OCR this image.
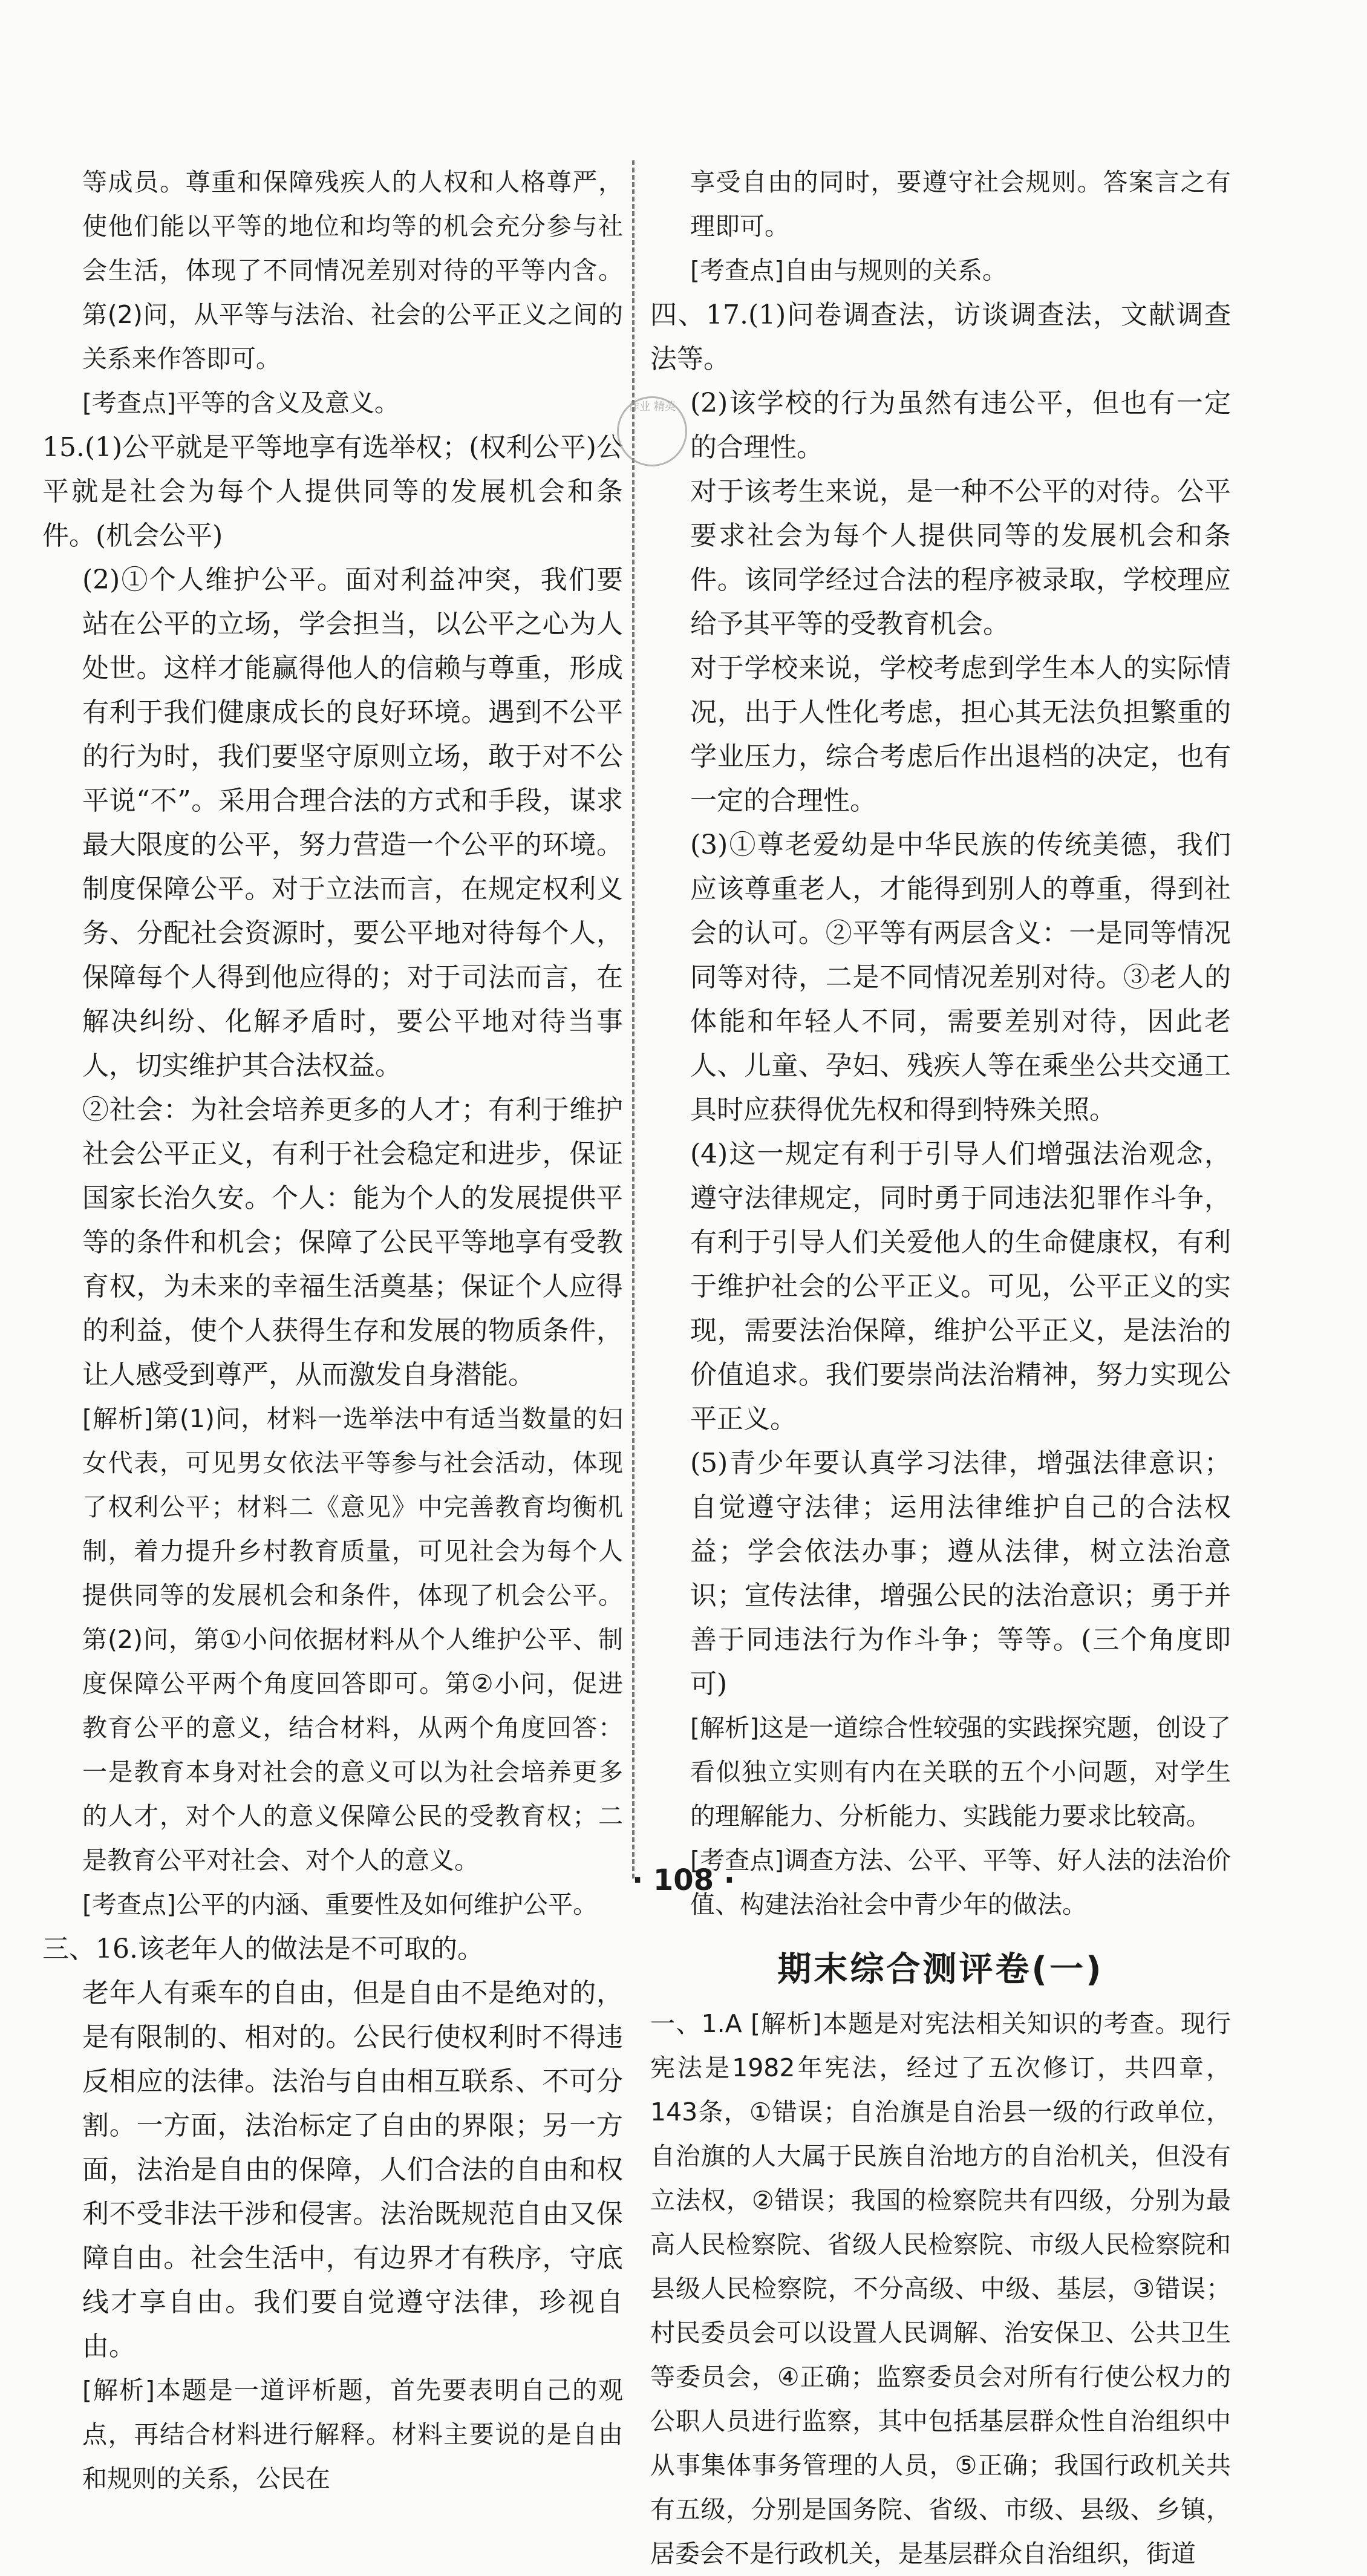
等成员。尊重和保障残疾人的人权和人格尊严，使他们能以平等的地位和均等的机会充分参与社会生活，体现了不同情况差别对待的平等内含。第(2)问，从平等与法治、社会的公平正义之间的关系来作答即可。

[考查点]平等的含义及意义。

15.(1)公平就是平等地享有选举权；(权利公平)公平就是社会为每个人提供同等的发展机会和条件。(机会公平)

(2)①个人维护公平。面对利益冲突，我们要站在公平的立场，学会担当，以公平之心为人处世。这样才能赢得他人的信赖与尊重，形成有利于我们健康成长的良好环境。遇到不公平的行为时，我们要坚守原则立场，敢于对不公平说“不”。采用合理合法的方式和手段，谋求最大限度的公平，努力营造一个公平的环境。制度保障公平。对于立法而言，在规定权利义务、分配社会资源时，要公平地对待每个人，保障每个人得到他应得的；对于司法而言，在解决纠纷、化解矛盾时，要公平地对待当事人，切实维护其合法权益。

②社会：为社会培养更多的人才；有利于维护社会公平正义，有利于社会稳定和进步，保证国家长治久安。个人：能为个人的发展提供平等的条件和机会；保障了公民平等地享有受教育权，为未来的幸福生活奠基；保证个人应得的利益，使个人获得生存和发展的物质条件，让人感受到尊严，从而激发自身潜能。

[解析]第(1)问，材料一选举法中有适当数量的妇女代表，可见男女依法平等参与社会活动，体现了权利公平；材料二《意见》中完善教育均衡机制，着力提升乡村教育质量，可见社会为每个人提供同等的发展机会和条件，体现了机会公平。第(2)问，第①小问依据材料从个人维护公平、制度保障公平两个角度回答即可。第②小问，促进教育公平的意义，结合材料，从两个角度回答：一是教育本身对社会的意义可以为社会培养更多的人才，对个人的意义保障公民的受教育权；二是教育公平对社会、对个人的意义。

[考查点]公平的内涵、重要性及如何维护公平。

三、16.该老年人的做法是不可取的。

老年人有乘车的自由，但是自由不是绝对的，是有限制的、相对的。公民行使权利时不得违反相应的法律。法治与自由相互联系、不可分割。一方面，法治标定了自由的界限；另一方面，法治是自由的保障，人们合法的自由和权利不受非法干涉和侵害。法治既规范自由又保障自由。社会生活中，有边界才有秩序，守底线才享自由。我们要自觉遵守法律，珍视自由。

[解析]本题是一道评析题，首先要表明自己的观点，再结合材料进行解释。材料主要说的是自由和规则的关系，公民在

作业 精英

享受自由的同时，要遵守社会规则。答案言之有理即可。

[考查点]自由与规则的关系。

四、17.(1)问卷调查法，访谈调查法，文献调查法等。

(2)该学校的行为虽然有违公平，但也有一定的合理性。

对于该考生来说，是一种不公平的对待。公平要求社会为每个人提供同等的发展机会和条件。该同学经过合法的程序被录取，学校理应给予其平等的受教育机会。

对于学校来说，学校考虑到学生本人的实际情况，出于人性化考虑，担心其无法负担繁重的学业压力，综合考虑后作出退档的决定，也有一定的合理性。

(3)①尊老爱幼是中华民族的传统美德，我们应该尊重老人，才能得到别人的尊重，得到社会的认可。②平等有两层含义：一是同等情况同等对待，二是不同情况差别对待。③老人的体能和年轻人不同，需要差别对待，因此老人、儿童、孕妇、残疾人等在乘坐公共交通工具时应获得优先权和得到特殊关照。

(4)这一规定有利于引导人们增强法治观念，遵守法律规定，同时勇于同违法犯罪作斗争，有利于引导人们关爱他人的生命健康权，有利于维护社会的公平正义。可见，公平正义的实现，需要法治保障，维护公平正义，是法治的价值追求。我们要崇尚法治精神，努力实现公平正义。

(5)青少年要认真学习法律，增强法律意识；自觉遵守法律；运用法律维护自己的合法权益；学会依法办事；遵从法律，树立法治意识；宣传法律，增强公民的法治意识；勇于并善于同违法行为作斗争；等等。(三个角度即可)

[解析]这是一道综合性较强的实践探究题，创设了看似独立实则有内在关联的五个小问题，对学生的理解能力、分析能力、实践能力要求比较高。

[考查点]调查方法、公平、平等、好人法的法治价值、构建法治社会中青少年的做法。

期末综合测评卷(一)

一、1.A [解析]本题是对宪法相关知识的考查。现行宪法是1982年宪法，经过了五次修订，共四章，143条，①错误；自治旗是自治县一级的行政单位，自治旗的人大属于民族自治地方的自治机关，但没有立法权，②错误；我国的检察院共有四级，分别为最高人民检察院、省级人民检察院、市级人民检察院和县级人民检察院，不分高级、中级、基层，③错误；村民委员会可以设置人民调解、治安保卫、公共卫生等委员会，④正确；监察委员会对所有行使公权力的公职人员进行监察，其中包括基层群众性自治组织中从事集体事务管理的人员，⑤正确；我国行政机关共有五级，分别是国务院、省级、市级、县级、乡镇，居委会不是行政机关，是基层群众自治组织，街道

· 108 ·
